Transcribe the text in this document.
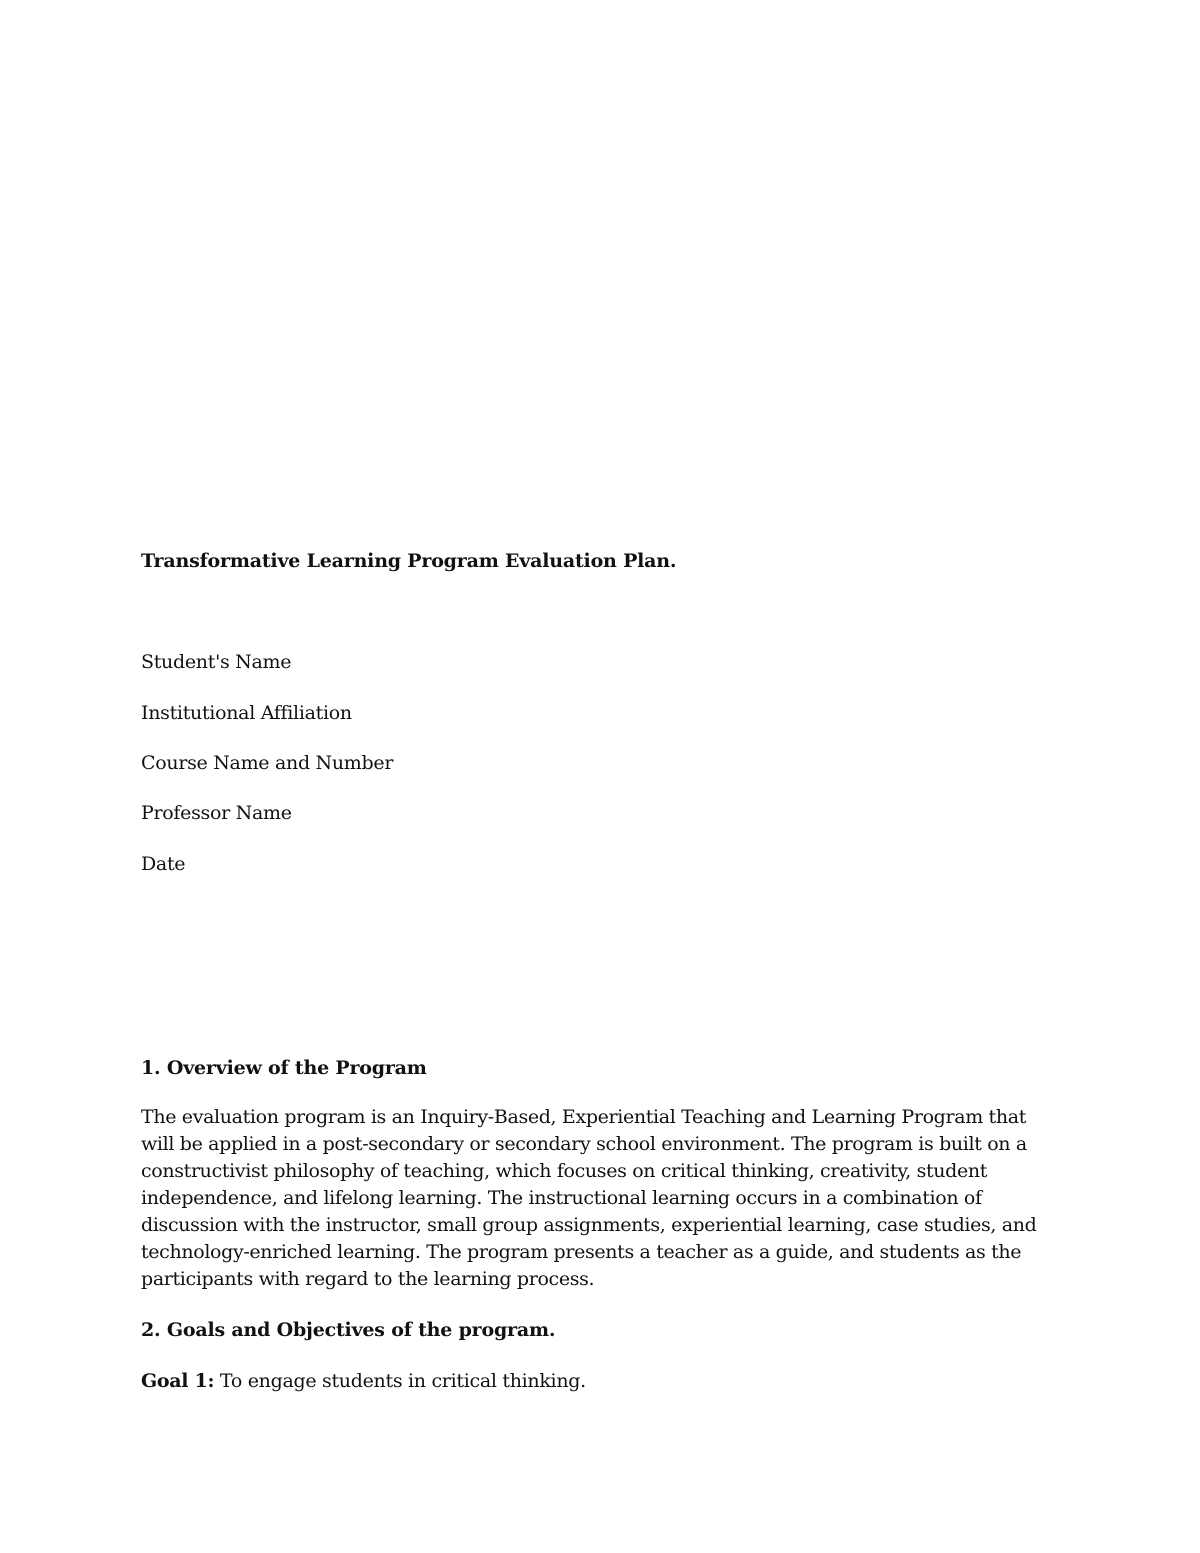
Transformative Learning Program Evaluation Plan.
Student's Name
Institutional Affiliation
Course Name and Number
Professor Name
Date
1. Overview of the Program

The evaluation program is an Inquiry-Based, Experiential Teaching and Learning Program that will be applied in a post-secondary or secondary school environment. The program is built on a constructivist philosophy of teaching, which focuses on critical thinking, creativity, student independence, and lifelong learning. The instructional learning occurs in a combination of discussion with the instructor, small group assignments, experiential learning, case studies, and technology-enriched learning. The program presents a teacher as a guide, and students as the participants with regard to the learning process.

2. Goals and Objectives of the program.
Goal 1: To engage students in critical thinking.
